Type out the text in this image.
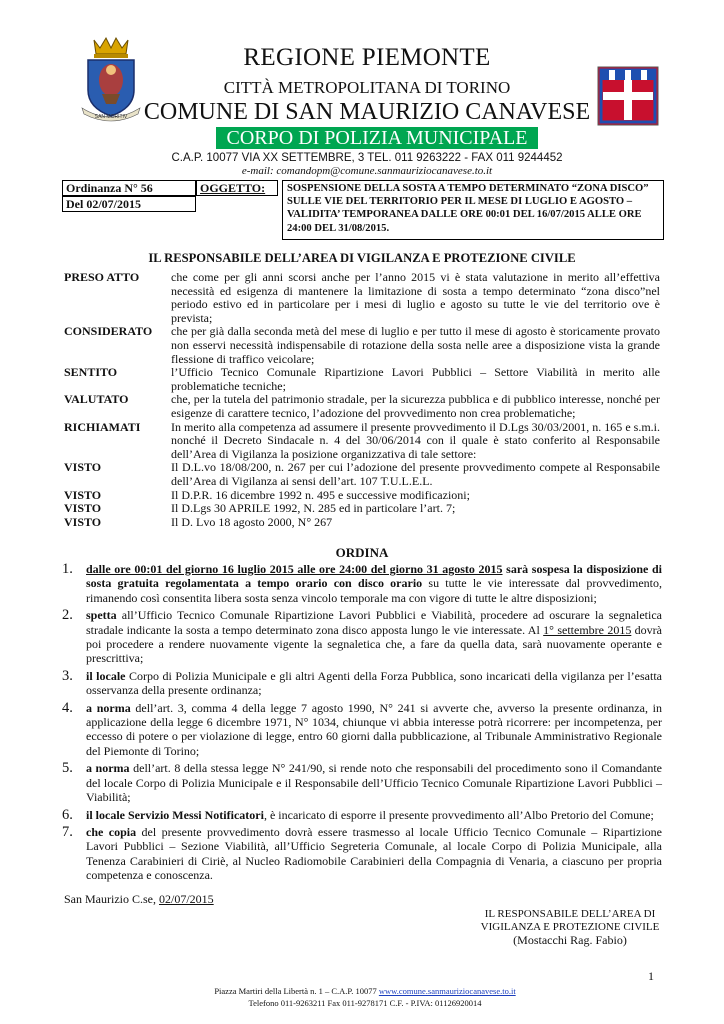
SAN MORITIV
REGIONE PIEMONTE
CITTÀ METROPOLITANA DI TORINO
COMUNE DI SAN MAURIZIO CANAVESE
CORPO DI POLIZIA MUNICIPALE
C.A.P. 10077 VIA XX SETTEMBRE, 3 TEL. 011 9263222 - FAX 011 9244452
e-mail: comandopm@comune.sanmauriziocanavese.to.it
Ordinanza N° 56
Del 02/07/2015
OGGETTO:	SOSPENSIONE DELLA SOSTA A TEMPO DETERMINATO “ZONA DISCO” SULLE VIE DEL TERRITORIO PER IL MESE DI LUGLIO E AGOSTO – VALIDITA’ TEMPORANEA DALLE ORE 00:01 DEL 16/07/2015 ALLE ORE 24:00 DEL 31/08/2015.
IL RESPONSABILE DELL’AREA DI VIGILANZA E PROTEZIONE CIVILE
PRESO ATTO	che come per gli anni scorsi anche per l’anno 2015 vi è stata valutazione in merito all’effettiva necessità ed esigenza di mantenere la limitazione di sosta a tempo determinato “zona disco”nel periodo estivo ed in particolare per i mesi di luglio e agosto su tutte le vie del territorio ove è prevista;
CONSIDERATO	che per già dalla seconda metà del mese di luglio e per tutto il mese di agosto è storicamente provato non esservi necessità indispensabile di rotazione della sosta nelle aree a disposizione vista la grande flessione di traffico veicolare;
SENTITO	l’Ufficio Tecnico Comunale Ripartizione Lavori Pubblici – Settore Viabilità in merito alle problematiche tecniche;
VALUTATO	che, per la tutela del patrimonio stradale, per la sicurezza pubblica e di pubblico interesse, nonché per esigenze di carattere tecnico, l’adozione del provvedimento non crea problematiche;
RICHIAMATI	In merito alla competenza ad assumere il presente provvedimento il D.Lgs 30/03/2001, n. 165 e s.m.i. nonché il Decreto Sindacale n. 4 del 30/06/2014 con il quale è stato conferito al Responsabile dell’Area di Vigilanza la posizione organizzativa di tale settore:
VISTO	Il D.L.vo 18/08/200, n. 267 per cui l’adozione del presente provvedimento compete al Responsabile dell’Area di Vigilanza ai sensi dell’art. 107 T.U.L.E.L.
VISTO	Il D.P.R. 16 dicembre 1992 n. 495 e successive modificazioni;
VISTO	Il D.Lgs 30 APRILE 1992, N. 285 ed in particolare l’art. 7;
VISTO	Il D. Lvo 18 agosto 2000, N° 267
ORDINA
1.	dalle ore 00:01 del giorno 16 luglio 2015 alle ore 24:00 del giorno 31 agosto 2015 sarà sospesa la disposizione di sosta gratuita regolamentata a tempo orario con disco orario su tutte le vie interessate dal provvedimento, rimanendo così consentita libera sosta senza vincolo temporale ma con vigore di tutte le altre disposizioni;
2.	spetta all’Ufficio Tecnico Comunale Ripartizione Lavori Pubblici e Viabilità, procedere ad oscurare la segnaletica stradale indicante la sosta a tempo determinato zona disco apposta lungo le vie interessate. Al 1° settembre 2015 dovrà poi procedere a rendere nuovamente vigente la segnaletica che, a fare da quella data, sarà nuovamente operante e prescrittiva;
3.	il locale Corpo di Polizia Municipale e gli altri Agenti della Forza Pubblica, sono incaricati della vigilanza per l’esatta osservanza della presente ordinanza;
4.	a norma dell’art. 3, comma 4 della legge 7 agosto 1990, N° 241 si avverte che, avverso la presente ordinanza, in applicazione della legge 6 dicembre 1971, N° 1034, chiunque vi abbia interesse potrà ricorrere: per incompetenza, per eccesso di potere o per violazione di legge, entro 60 giorni dalla pubblicazione, al Tribunale Amministrativo Regionale del Piemonte di Torino;
5.	a norma dell’art. 8 della stessa legge N° 241/90, si rende noto che responsabili del procedimento sono il Comandante del locale Corpo di Polizia Municipale e il Responsabile dell’Ufficio Tecnico Comunale Ripartizione Lavori Pubblici – Viabilità;
6.	il locale Servizio Messi Notificatori, è incaricato di esporre il presente provvedimento all’Albo Pretorio del Comune;
7.	che copia del presente provvedimento dovrà essere trasmesso al locale Ufficio Tecnico Comunale – Ripartizione Lavori Pubblici – Sezione Viabilità, all’Ufficio Segreteria Comunale, al locale Corpo di Polizia Municipale, alla Tenenza Carabinieri di Ciriè, al Nucleo Radiomobile Carabinieri della Compagnia di Venaria, a ciascuno per propria competenza e conoscenza.
San Maurizio C.se, 02/07/2015
IL RESPONSABILE DELL’AREA DI
VIGILANZA E PROTEZIONE CIVILE
(Mostacchi Rag. Fabio)
1
Piazza Martiri della Libertà n. 1 – C.A.P. 10077 www.comune.sanmauriziocanavese.to.it
Telefono 011-9263211 Fax 011-9278171 C.F. - P.IVA: 01126920014
